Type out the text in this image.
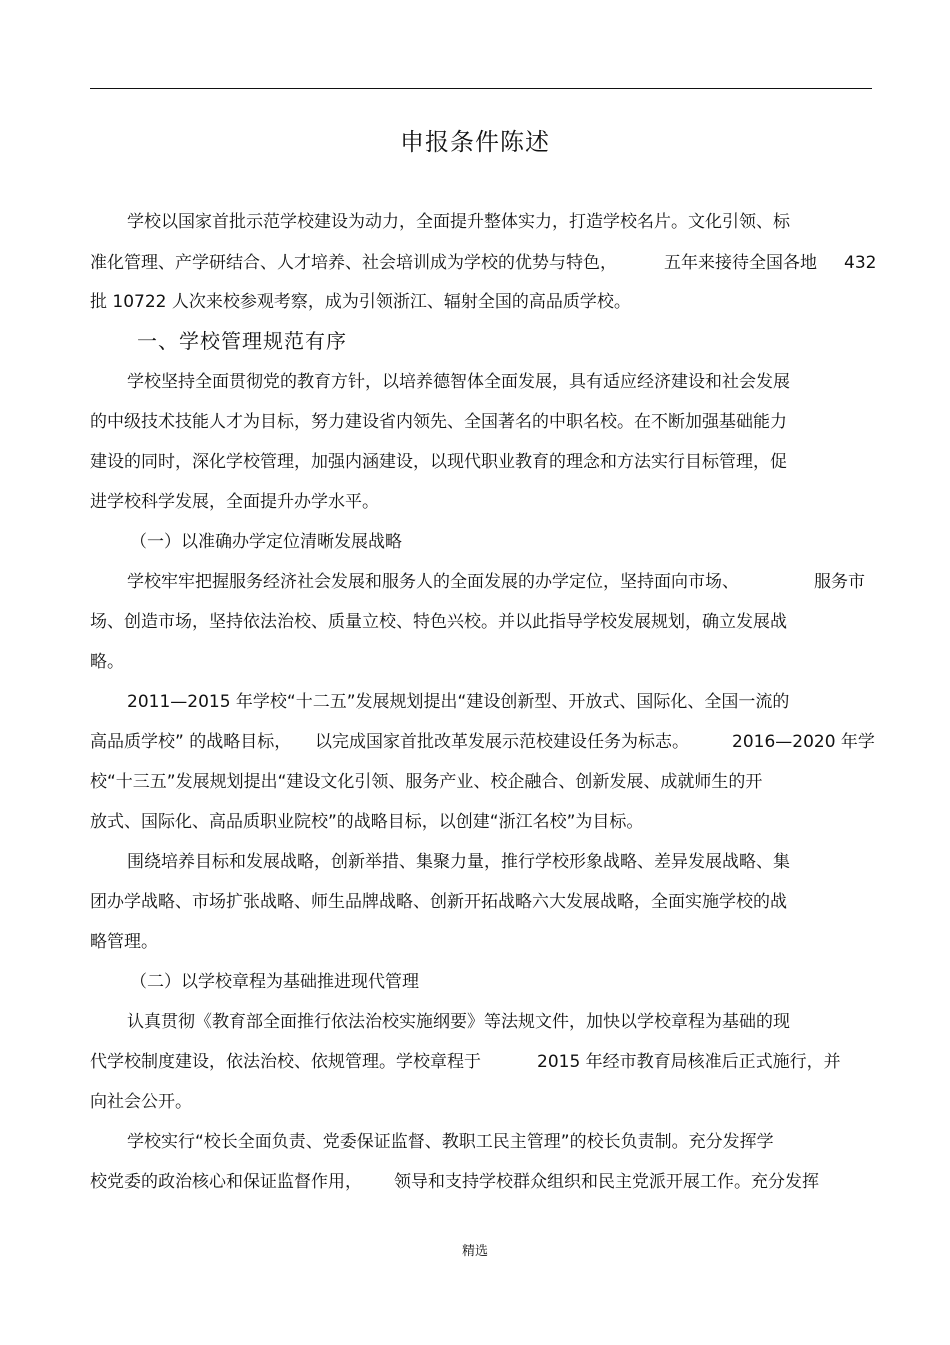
申报条件陈述
学校以国家首批示范学校建设为动力，全面提升整体实力，打造学校名片。文化引领、标
准化管理、产学研结合、人才培养、社会培训成为学校的优势与特色，	五年来接待全国各地 432
批 10722 人次来校参观考察，成为引领浙江、辐射全国的高品质学校。
一、学校管理规范有序
学校坚持全面贯彻党的教育方针，以培养德智体全面发展，具有适应经济建设和社会发展
的中级技术技能人才为目标，努力建设省内领先、全国著名的中职名校。在不断加强基础能力
建设的同时，深化学校管理，加强内涵建设，以现代职业教育的理念和方法实行目标管理，促
进学校科学发展，全面提升办学水平。
（一）以准确办学定位清晰发展战略
学校牢牢把握服务经济社会发展和服务人的全面发展的办学定位，坚持面向市场、	服务市
场、创造市场，坚持依法治校、质量立校、特色兴校。并以此指导学校发展规划，确立发展战
略。
2011—2015 年学校“十二五”发展规划提出“建设创新型、开放式、国际化、全国一流的
高品质学校” 的战略目标， 以完成国家首批改革发展示范校建设任务为标志。	2016—2020 年学
校“十三五”发展规划提出“建设文化引领、服务产业、校企融合、创新发展、成就师生的开
放式、国际化、高品质职业院校”的战略目标，以创建“浙江名校”为目标。
围绕培养目标和发展战略，创新举措、集聚力量，推行学校形象战略、差异发展战略、集
团办学战略、市场扩张战略、师生品牌战略、创新开拓战略六大发展战略，全面实施学校的战
略管理。
（二）以学校章程为基础推进现代管理
认真贯彻《教育部全面推行依法治校实施纲要》等法规文件，加快以学校章程为基础的现
代学校制度建设，依法治校、依规管理。学校章程于	2015 年经市教育局核准后正式施行，并
向社会公开。
学校实行“校长全面负责、党委保证监督、教职工民主管理”的校长负责制。充分发挥学
校党委的政治核心和保证监督作用， 领导和支持学校群众组织和民主党派开展工作。充分发挥
精选
